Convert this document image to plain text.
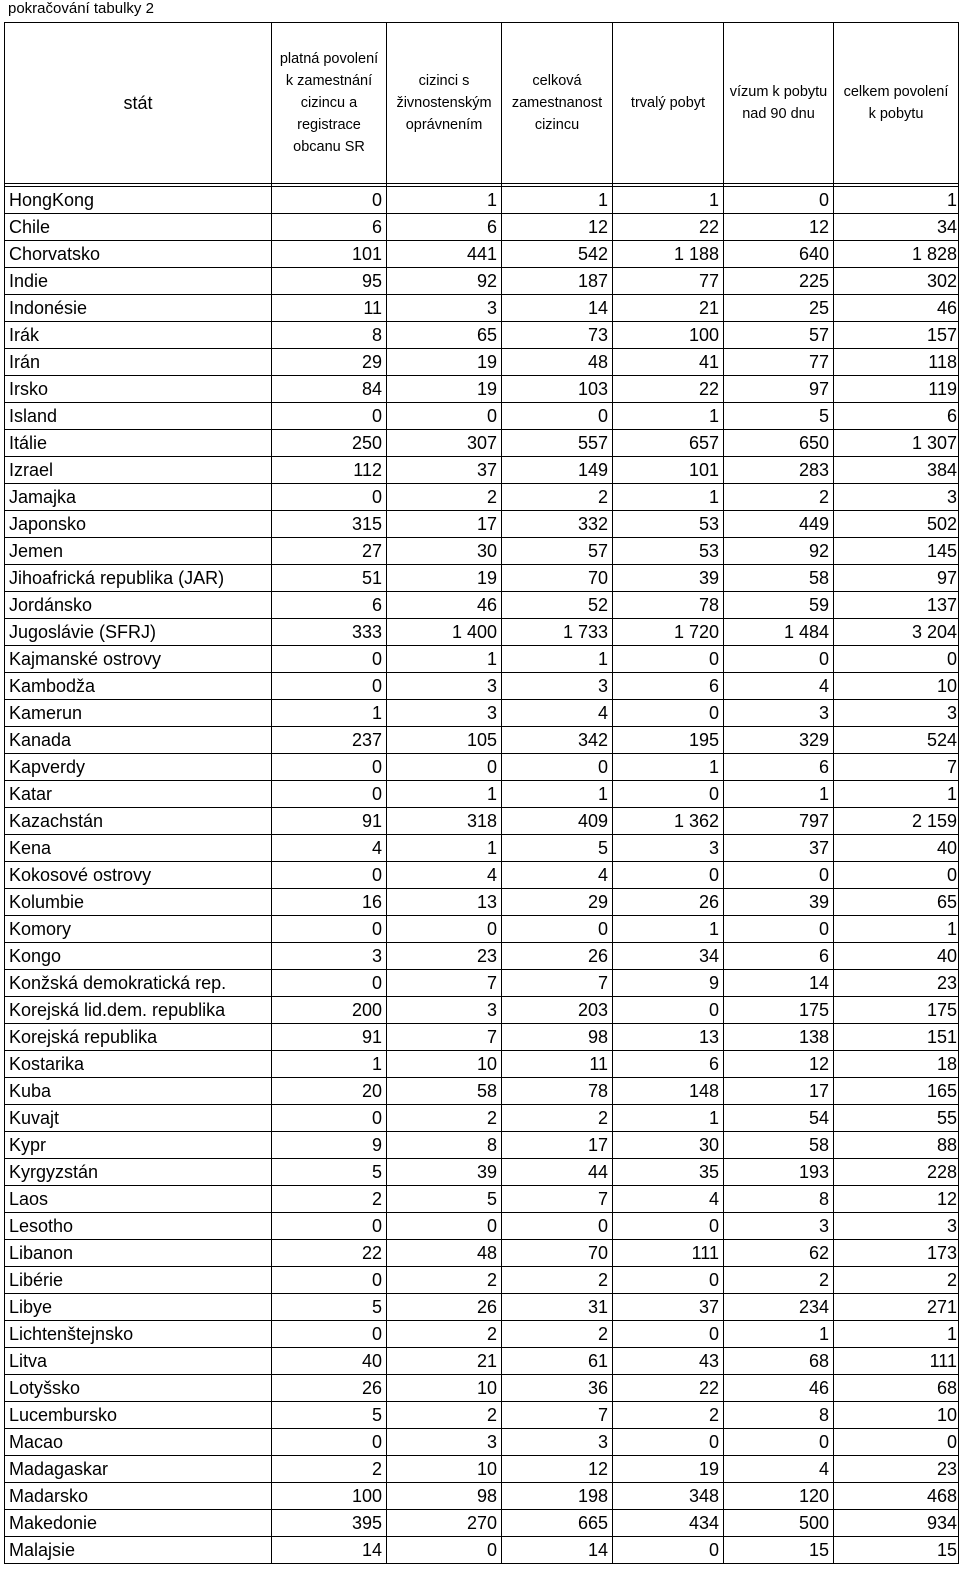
pokračování tabulky 2
stát	platná povolení
k zamestnání
cizincu a
registrace
obcanu SR	cizinci s
živnostenským
oprávnením	celková
zamestnanost
cizincu	trvalý pobyt	vízum k pobytu
nad 90 dnu	celkem povolení
k pobytu

HongKong	0	1	1	1	0	1
Chile	6	6	12	22	12	34
Chorvatsko	101	441	542	1 188	640	1 828
Indie	95	92	187	77	225	302
Indonésie	11	3	14	21	25	46
Irák	8	65	73	100	57	157
Irán	29	19	48	41	77	118
Irsko	84	19	103	22	97	119
Island	0	0	0	1	5	6
Itálie	250	307	557	657	650	1 307
Izrael	112	37	149	101	283	384
Jamajka	0	2	2	1	2	3
Japonsko	315	17	332	53	449	502
Jemen	27	30	57	53	92	145
Jihoafrická republika (JAR)	51	19	70	39	58	97
Jordánsko	6	46	52	78	59	137
Jugoslávie (SFRJ)	333	1 400	1 733	1 720	1 484	3 204
Kajmanské ostrovy	0	1	1	0	0	0
Kambodža	0	3	3	6	4	10
Kamerun	1	3	4	0	3	3
Kanada	237	105	342	195	329	524
Kapverdy	0	0	0	1	6	7
Katar	0	1	1	0	1	1
Kazachstán	91	318	409	1 362	797	2 159
Kena	4	1	5	3	37	40
Kokosové ostrovy	0	4	4	0	0	0
Kolumbie	16	13	29	26	39	65
Komory	0	0	0	1	0	1
Kongo	3	23	26	34	6	40
Konžská demokratická rep.	0	7	7	9	14	23
Korejská lid.dem. republika	200	3	203	0	175	175
Korejská republika	91	7	98	13	138	151
Kostarika	1	10	11	6	12	18
Kuba	20	58	78	148	17	165
Kuvajt	0	2	2	1	54	55
Kypr	9	8	17	30	58	88
Kyrgyzstán	5	39	44	35	193	228
Laos	2	5	7	4	8	12
Lesotho	0	0	0	0	3	3
Libanon	22	48	70	111	62	173
Libérie	0	2	2	0	2	2
Libye	5	26	31	37	234	271
Lichtenštejnsko	0	2	2	0	1	1
Litva	40	21	61	43	68	111
Lotyšsko	26	10	36	22	46	68
Lucembursko	5	2	7	2	8	10
Macao	0	3	3	0	0	0
Madagaskar	2	10	12	19	4	23
Madarsko	100	98	198	348	120	468
Makedonie	395	270	665	434	500	934
Malajsie	14	0	14	0	15	15
